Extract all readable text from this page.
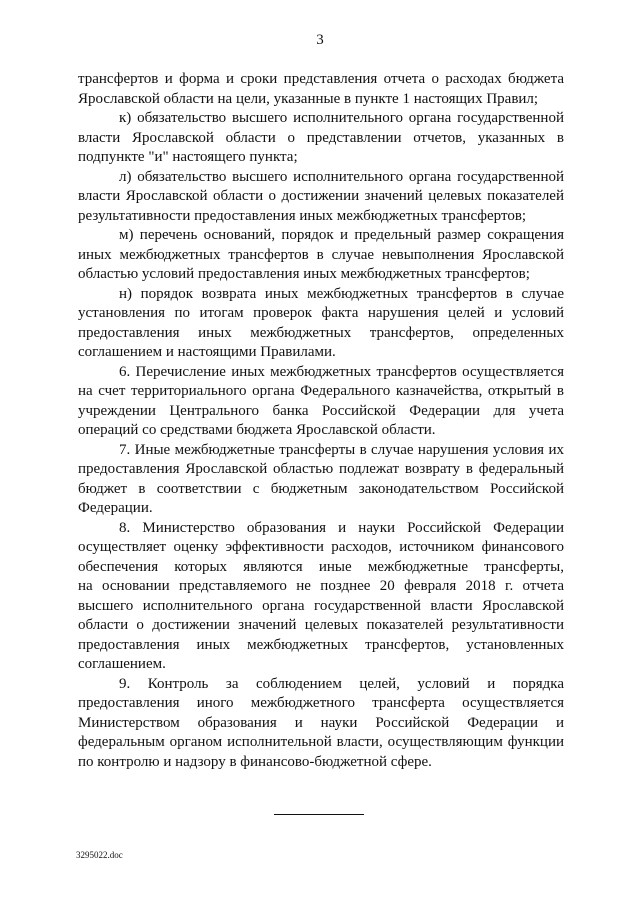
3
трансфертов и форма и сроки представления отчета о расходах бюджета
Ярославской области на цели, указанные в пункте 1 настоящих Правил;
к) обязательство высшего исполнительного органа государственной
власти Ярославской области о представлении отчетов, указанных в
подпункте "и" настоящего пункта;
л) обязательство высшего исполнительного органа государственной
власти Ярославской области о достижении значений целевых показателей
результативности предоставления иных межбюджетных трансфертов;
м) перечень оснований, порядок и предельный размер сокращения
иных межбюджетных трансфертов в случае невыполнения Ярославской
областью условий предоставления иных межбюджетных трансфертов;
н) порядок возврата иных межбюджетных трансфертов в случае
установления по итогам проверок факта нарушения целей и условий
предоставления иных межбюджетных трансфертов, определенных
соглашением и настоящими Правилами.
6. Перечисление иных межбюджетных трансфертов осуществляется
на счет территориального органа Федерального казначейства, открытый в
учреждении Центрального банка Российской Федерации для учета
операций со средствами бюджета Ярославской области.
7. Иные межбюджетные трансферты в случае нарушения условия их
предоставления Ярославской областью подлежат возврату в федеральный
бюджет в соответствии с бюджетным законодательством Российской
Федерации.
8. Министерство образования и науки Российской Федерации
осуществляет оценку эффективности расходов, источником финансового
обеспечения которых являются иные межбюджетные трансферты,
на основании представляемого не позднее 20 февраля 2018 г. отчета
высшего исполнительного органа государственной власти Ярославской
области о достижении значений целевых показателей результативности
предоставления иных межбюджетных трансфертов, установленных
соглашением.
9. Контроль за соблюдением целей, условий и порядка
предоставления иного межбюджетного трансферта осуществляется
Министерством образования и науки Российской Федерации и
федеральным органом исполнительной власти, осуществляющим функции
по контролю и надзору в финансово-бюджетной сфере.
3295022.doc
